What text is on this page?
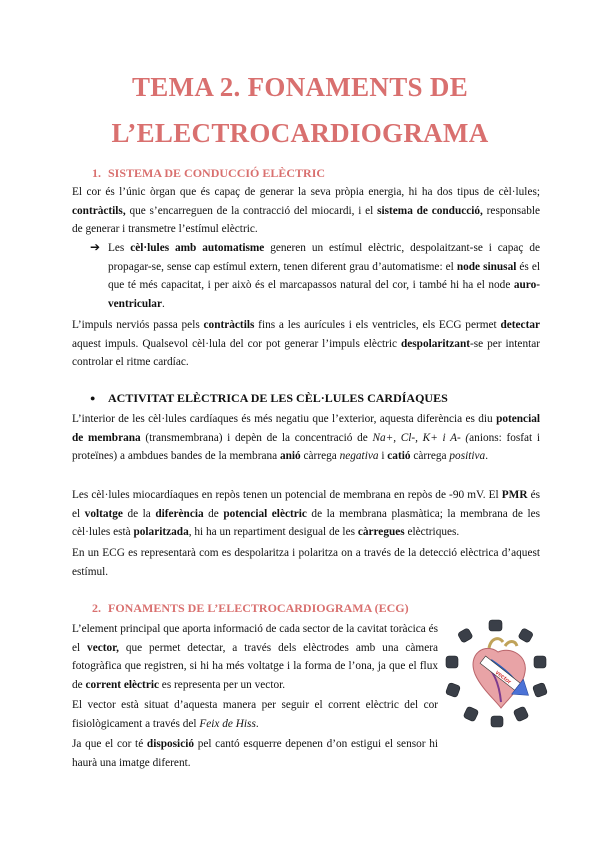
TEMA 2. FONAMENTS DE
L’ELECTROCARDIOGRAMA
1. SISTEMA DE CONDUCCIÓ ELÈCTRIC
El cor és l’únic òrgan que és capaç de generar la seva pròpia energia, hi ha dos tipus de cèl·lules; contràctils, que s’encarreguen de la contracció del miocardi, i el sistema de conducció, responsable de generar i transmetre l’estímul elèctric.
➔ Les cèl·lules amb automatisme generen un estímul elèctric, despolaitzant-se i capaç de propagar-se, sense cap estímul extern, tenen diferent grau d’automatisme: el node sinusal és el que té més capacitat, i per això és el marcapassos natural del cor, i també hi ha el node auro-ventricular.
L’impuls nerviós passa pels contràctils fins a les aurícules i els ventricles, els ECG permet detectar aquest impuls. Qualsevol cèl·lula del cor pot generar l’impuls elèctric despolaritzant-se per intentar controlar el ritme cardíac.
● ACTIVITAT ELÈCTRICA DE LES CÈL·LULES CARDÍAQUES
L’interior de les cèl·lules cardíaques és més negatiu que l’exterior, aquesta diferència es diu potencial de membrana (transmembrana) i depèn de la concentració de Na+, Cl-, K+ i A- (anions: fosfat i proteïnes) a ambdues bandes de la membrana anió càrrega negativa i catió càrrega positiva.
Les cèl·lules miocardíaques en repòs tenen un potencial de membrana en repòs de -90 mV. El PMR és el voltatge de la diferència de potencial elèctric de la membrana plasmàtica; la membrana de les cèl·lules està polaritzada, hi ha un repartiment desigual de les càrregues elèctriques.
En un ECG es representarà com es despolaritza i polaritza on a través de la detecció elèctrica d’aquest estímul.
2. FONAMENTS DE L’ELECTROCARDIOGRAMA (ECG)
L’element principal que aporta informació de cada sector de la cavitat toràcica és el vector, que permet detectar, a través dels elèctrodes amb una càmera fotogràfica que registren, si hi ha més voltatge i la forma de l’ona, ja que el flux de corrent elèctric es representa per un vector.
El vector està situat d’aquesta manera per seguir el corrent elèctric del cor fisiològicament a través del Feix de Hiss.
Ja que el cor té disposició pel cantó esquerre depenen d’on estigui el sensor hi haurà una imatge diferent.
vector
